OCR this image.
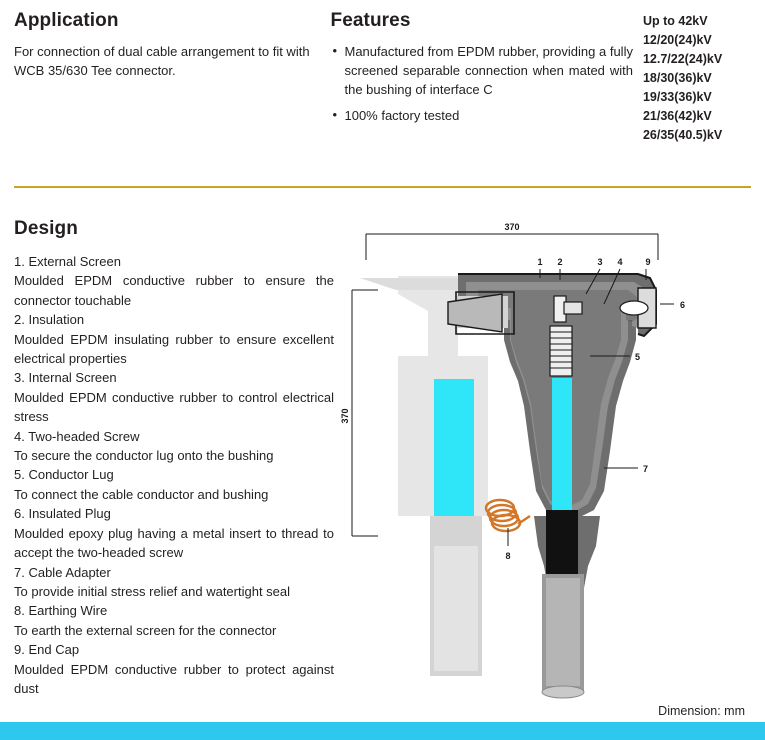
Application
For connection of dual cable arrangement to fit with WCB 35/630 Tee connector.
Features
• Manufactured from EPDM rubber, providing a fully screened separable connection when mated with the bushing of interface C
• 100% factory tested
Up to 42kV
12/20(24)kV
12.7/22(24)kV
18/30(36)kV
19/33(36)kV
21/36(42)kV
26/35(40.5)kV
Design

1. External Screen

Moulded EPDM conductive rubber to ensure the connector touchable

2. Insulation

Moulded EPDM insulating rubber to ensure excellent electrical properties

3. Internal Screen

Moulded EPDM conductive rubber to control electrical stress

4. Two-headed Screw

To secure the conductor lug onto the bushing

5. Conductor Lug

To connect the cable conductor and bushing

6. Insulated Plug

Moulded epoxy plug having a metal insert to thread to accept the two-headed screw

7. Cable Adapter

To provide initial stress relief and watertight seal

8. Earthing Wire

To earth the external screen for the connector

9. End Cap

Moulded EPDM conductive rubber to protect against dust

370
370
1 2	3 4	9
6
5
7
8
Dimension: mm
